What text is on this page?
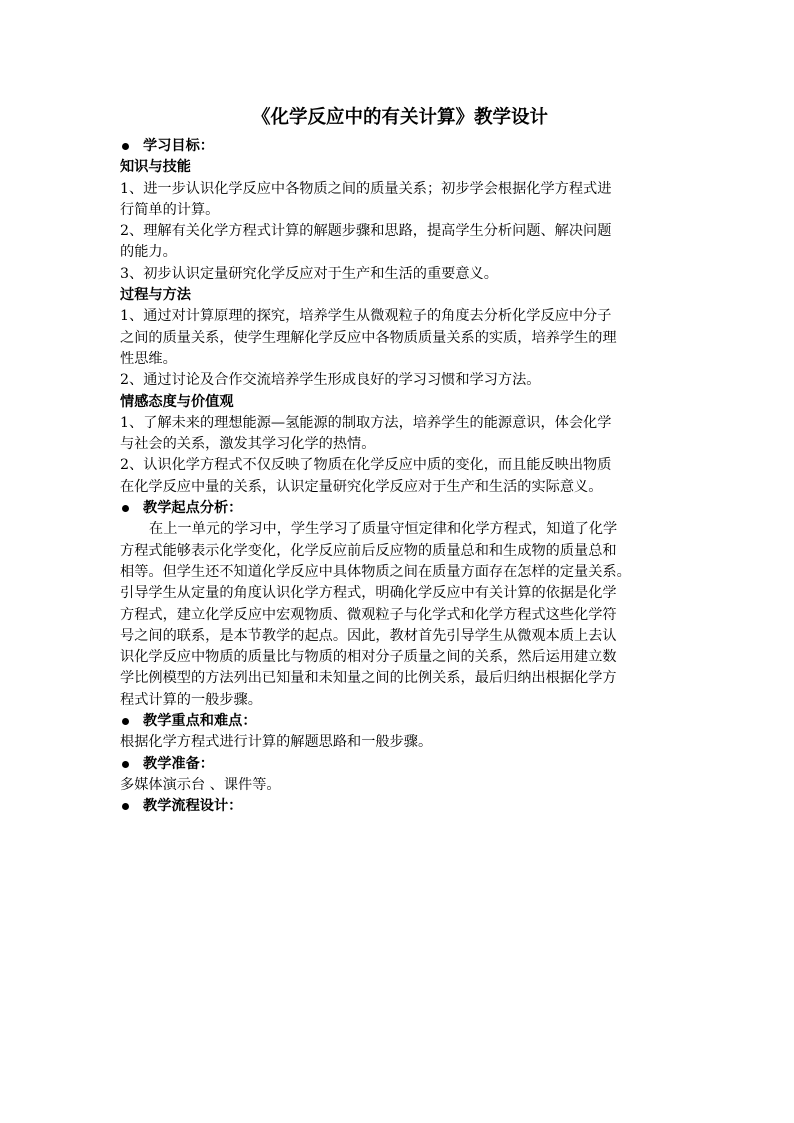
《化学反应中的有关计算》教学设计
学习目标：
知识与技能
1、进一步认识化学反应中各物质之间的质量关系；初步学会根据化学方程式进
行简单的计算。
2、理解有关化学方程式计算的解题步骤和思路，提高学生分析问题、解决问题
的能力。
3、初步认识定量研究化学反应对于生产和生活的重要意义。
过程与方法
1、通过对计算原理的探究，培养学生从微观粒子的角度去分析化学反应中分子
之间的质量关系，使学生理解化学反应中各物质质量关系的实质，培养学生的理
性思维。
2、通过讨论及合作交流培养学生形成良好的学习习惯和学习方法。
情感态度与价值观
1、了解未来的理想能源—氢能源的制取方法，培养学生的能源意识，体会化学
与社会的关系，激发其学习化学的热情。
2、认识化学方程式不仅反映了物质在化学反应中质的变化，而且能反映出物质
在化学反应中量的关系，认识定量研究化学反应对于生产和生活的实际意义。
教学起点分析：
在上一单元的学习中，学生学习了质量守恒定律和化学方程式，知道了化学
方程式能够表示化学变化，化学反应前后反应物的质量总和和生成物的质量总和
相等。但学生还不知道化学反应中具体物质之间在质量方面存在怎样的定量关系。
引导学生从定量的角度认识化学方程式，明确化学反应中有关计算的依据是化学
方程式，建立化学反应中宏观物质、微观粒子与化学式和化学方程式这些化学符
号之间的联系，是本节教学的起点。因此，教材首先引导学生从微观本质上去认
识化学反应中物质的质量比与物质的相对分子质量之间的关系，然后运用建立数
学比例模型的方法列出已知量和未知量之间的比例关系，最后归纳出根据化学方
程式计算的一般步骤。
教学重点和难点：
根据化学方程式进行计算的解题思路和一般步骤。
教学准备：
多媒体演示台 、课件等。
教学流程设计：
